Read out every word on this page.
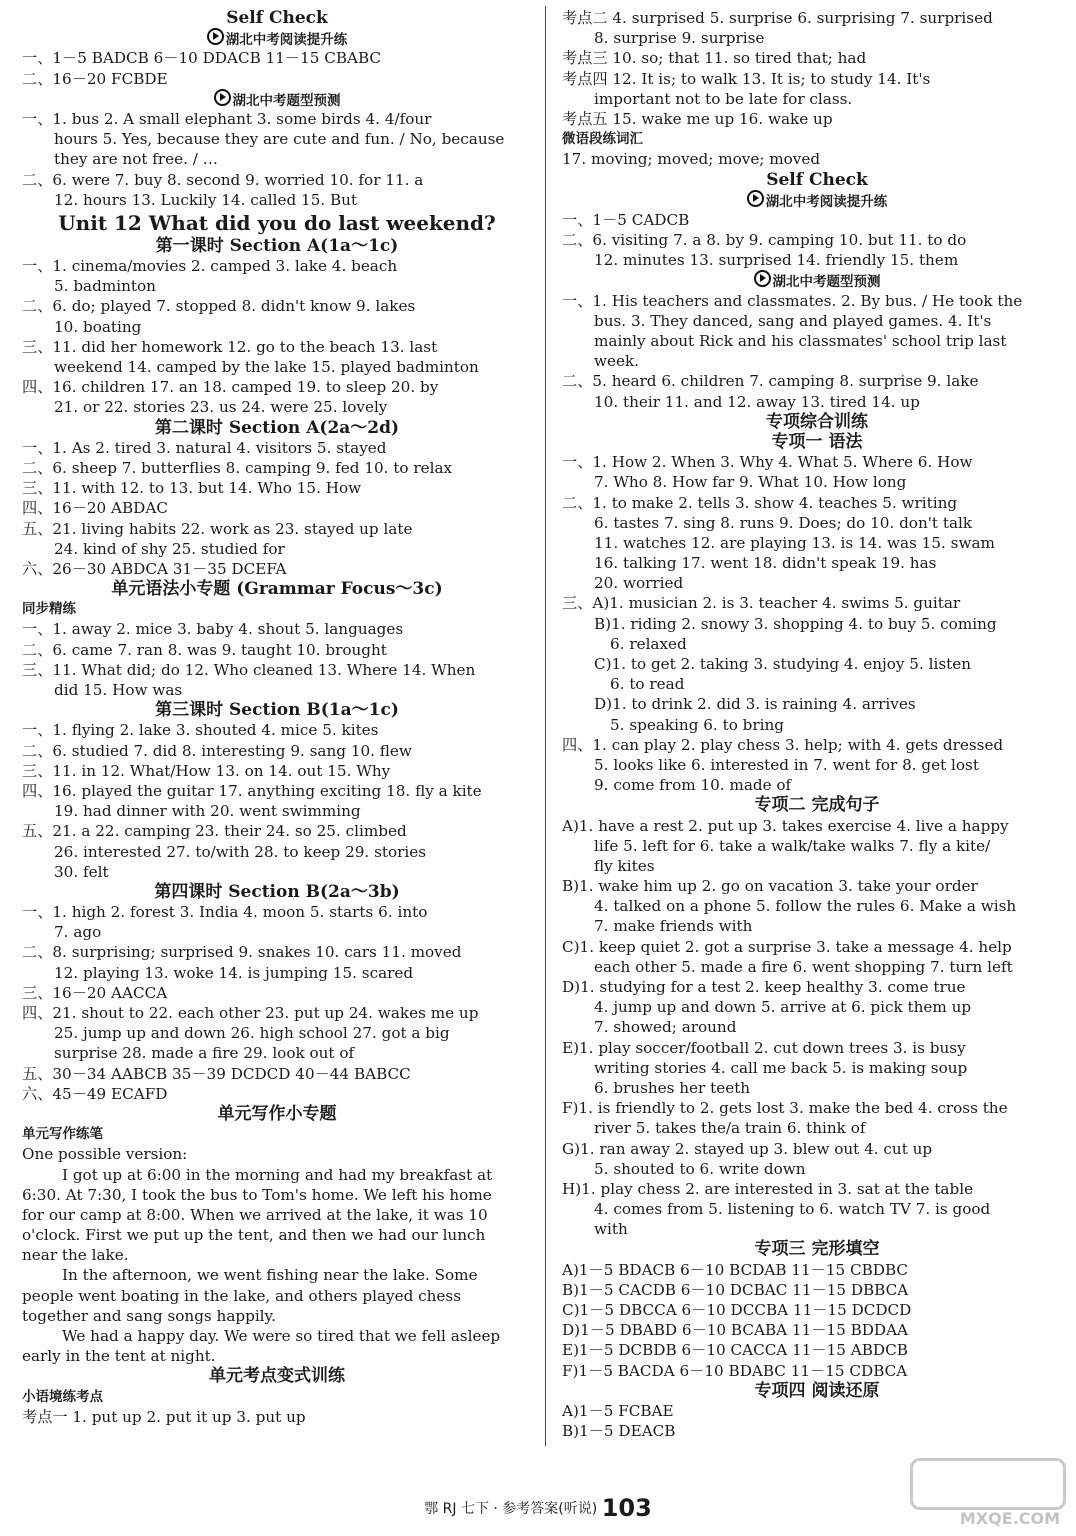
Self Check
湖北中考阅读提升练
一、1－5 BADCB 6－10 DDACB 11－15 CBABC
二、16－20 FCBDE
湖北中考题型预测
一、1. bus 2. A small elephant 3. some birds 4. 4/four
hours 5. Yes, because they are cute and fun. / No, because
they are not free. / …
二、6. were 7. buy 8. second 9. worried 10. for 11. a
12. hours 13. Luckily 14. called 15. But
Unit 12 What did you do last weekend?
第一课时 Section A(1a～1c)
一、1. cinema/movies 2. camped 3. lake 4. beach
5. badminton
二、6. do; played 7. stopped 8. didn't know 9. lakes
10. boating
三、11. did her homework 12. go to the beach 13. last
weekend 14. camped by the lake 15. played badminton
四、16. children 17. an 18. camped 19. to sleep 20. by
21. or 22. stories 23. us 24. were 25. lovely
第二课时 Section A(2a～2d)
一、1. As 2. tired 3. natural 4. visitors 5. stayed
二、6. sheep 7. butterflies 8. camping 9. fed 10. to relax
三、11. with 12. to 13. but 14. Who 15. How
四、16－20 ABDAC
五、21. living habits 22. work as 23. stayed up late
24. kind of shy 25. studied for
六、26－30 ABDCA 31－35 DCEFA
单元语法小专题 (Grammar Focus～3c)
同步精练
一、1. away 2. mice 3. baby 4. shout 5. languages
二、6. came 7. ran 8. was 9. taught 10. brought
三、11. What did; do 12. Who cleaned 13. Where 14. When
did 15. How was
第三课时 Section B(1a～1c)
一、1. flying 2. lake 3. shouted 4. mice 5. kites
二、6. studied 7. did 8. interesting 9. sang 10. flew
三、11. in 12. What/How 13. on 14. out 15. Why
四、16. played the guitar 17. anything exciting 18. fly a kite
19. had dinner with 20. went swimming
五、21. a 22. camping 23. their 24. so 25. climbed
26. interested 27. to/with 28. to keep 29. stories
30. felt
第四课时 Section B(2a～3b)
一、1. high 2. forest 3. India 4. moon 5. starts 6. into
7. ago
二、8. surprising; surprised 9. snakes 10. cars 11. moved
12. playing 13. woke 14. is jumping 15. scared
三、16－20 AACCA
四、21. shout to 22. each other 23. put up 24. wakes me up
25. jump up and down 26. high school 27. got a big
surprise 28. made a fire 29. look out of
五、30－34 AABCB 35－39 DCDCD 40－44 BABCC
六、45－49 ECAFD
单元写作小专题
单元写作练笔
One possible version:
I got up at 6:00 in the morning and had my breakfast at
6:30. At 7:30, I took the bus to Tom's home. We left his home
for our camp at 8:00. When we arrived at the lake, it was 10
o'clock. First we put up the tent, and then we had our lunch
near the lake.
In the afternoon, we went fishing near the lake. Some
people went boating in the lake, and others played chess
together and sang songs happily.
We had a happy day. We were so tired that we fell asleep
early in the tent at night.
单元考点变式训练
小语境练考点
考点一 1. put up 2. put it up 3. put up
考点二 4. surprised 5. surprise 6. surprising 7. surprised
8. surprise 9. surprise
考点三 10. so; that 11. so tired that; had
考点四 12. It is; to walk 13. It is; to study 14. It's
important not to be late for class.
考点五 15. wake me up 16. wake up
微语段练词汇
17. moving; moved; move; moved
Self Check
湖北中考阅读提升练
一、1－5 CADCB
二、6. visiting 7. a 8. by 9. camping 10. but 11. to do
12. minutes 13. surprised 14. friendly 15. them
湖北中考题型预测
一、1. His teachers and classmates. 2. By bus. / He took the
bus. 3. They danced, sang and played games. 4. It's
mainly about Rick and his classmates' school trip last
week.
二、5. heard 6. children 7. camping 8. surprise 9. lake
10. their 11. and 12. away 13. tired 14. up
专项综合训练
专项一 语法
一、1. How 2. When 3. Why 4. What 5. Where 6. How
7. Who 8. How far 9. What 10. How long
二、1. to make 2. tells 3. show 4. teaches 5. writing
6. tastes 7. sing 8. runs 9. Does; do 10. don't talk
11. watches 12. are playing 13. is 14. was 15. swam
16. talking 17. went 18. didn't speak 19. has
20. worried
三、A)1. musician 2. is 3. teacher 4. swims 5. guitar
B)1. riding 2. snowy 3. shopping 4. to buy 5. coming
6. relaxed
C)1. to get 2. taking 3. studying 4. enjoy 5. listen
6. to read
D)1. to drink 2. did 3. is raining 4. arrives
5. speaking 6. to bring
四、1. can play 2. play chess 3. help; with 4. gets dressed
5. looks like 6. interested in 7. went for 8. get lost
9. come from 10. made of
专项二 完成句子
A)1. have a rest 2. put up 3. takes exercise 4. live a happy
life 5. left for 6. take a walk/take walks 7. fly a kite/
fly kites
B)1. wake him up 2. go on vacation 3. take your order
4. talked on a phone 5. follow the rules 6. Make a wish
7. make friends with
C)1. keep quiet 2. got a surprise 3. take a message 4. help
each other 5. made a fire 6. went shopping 7. turn left
D)1. studying for a test 2. keep healthy 3. come true
4. jump up and down 5. arrive at 6. pick them up
7. showed; around
E)1. play soccer/football 2. cut down trees 3. is busy
writing stories 4. call me back 5. is making soup
6. brushes her teeth
F)1. is friendly to 2. gets lost 3. make the bed 4. cross the
river 5. takes the/a train 6. think of
G)1. ran away 2. stayed up 3. blew out 4. cut up
5. shouted to 6. write down
H)1. play chess 2. are interested in 3. sat at the table
4. comes from 5. listening to 6. watch TV 7. is good
with
专项三 完形填空
A)1－5 BDACB 6－10 BCDAB 11－15 CBDBC
B)1－5 CACDB 6－10 DCBAC 11－15 DBBCA
C)1－5 DBCCA 6－10 DCCBA 11－15 DCDCD
D)1－5 DBABD 6－10 BCABA 11－15 BDDAA
E)1－5 DCBDB 6－10 CACCA 11－15 ABDCB
F)1－5 BACDA 6－10 BDABC 11－15 CDBCA
专项四 阅读还原
A)1－5 FCBAE
B)1－5 DEACB
鄂 RJ 七下 · 参考答案(听说) 103	MXQE.COM
